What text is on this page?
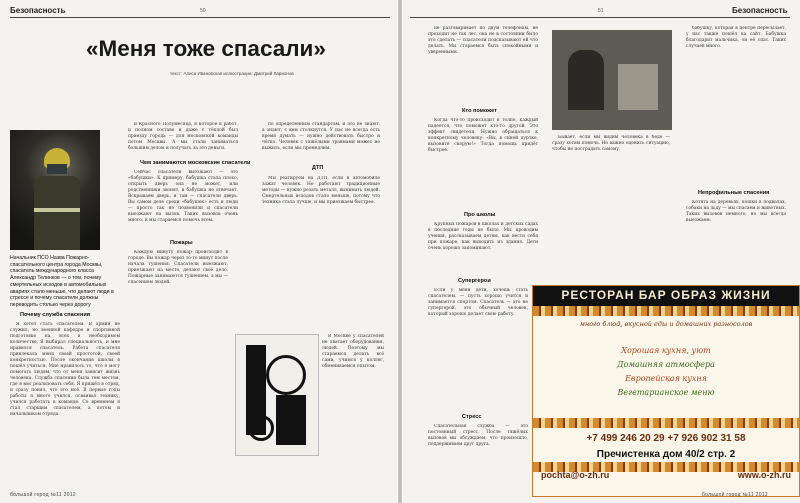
Безопасность	50
«Меня тоже спасали»
текст: Алиса Ивановская иллюстрации: Дмитрий Ларионов
Начальник ПСО Назва Пожарно-спасательного центра города Москвы, спасатель международного класса Александр Телинков — о том, почему смертельных исходов в автомобильных авариях стало меньше, что делают люди в стрессе и почему спасатели должны переводить столько через дорогу
Почему служба спасения

Я хотел стать спасателем. В армии не служил, но военной кафедре и спортивной подготовке на всех в необходимом количестве. Я выбирал специальность, и мне нравился спасатель. Работа спасателя привлекала меня своей простотой, своей конкретностью. После окончания школы я пошёл учиться. Мне нравилось то, что я могу помогать людям, что от меня зависит жизнь человека. Служба спасения была тем местом, где я мог реализовать себя. Я пришёл в отряд, и сразу понял, что это моё. В первые годы работы я много учился, осваивал технику, учился работать в команде. Со временем я стал старшим спасателем, а потом и начальником отряда.

и Красного Полумесяца, я которое в работ, и полном составе и даже с тёплой был приезду города — для московской команды потом Москвы. А мы стали заниматься большим делом и получать за это деньги.

Чем занимаются московские спасатели

Сейчас спасатели выезжают — это «бабушки». К примеру, бабушка стала плохо, открыть дверь она не может, или родственники звонят, и бабушка не отвечает. Вскрываем дверь, и там — спасатели дверь. Вы самом деле среди «бабушек» есть и люди — просто так не позвонили и спасатели выезжают на вызов. Таких вызовов очень много, и мы стараемся помочь всем.

Пожары

Каждую минуту пожар происходит в городе. Вы пожар через то-то минут после начала тушения. Спасатели выезжают, приезжают на место, делают своё дело. Пожарные занимаются тушением, а мы — спасением людей.

по определённым стандартам, и это не знают, а знают, с кем столкнутся. У нас не всегда есть время думать — нужно действовать быстро и чётко. Человек с тяжёлыми травмами может не выжить, если мы промедлим.

ДТП

Мы реагируем на ДТП, если в автомобиле зажат человек. Не работают традиционные методы — нужно резать металл, вынимать людей. Смертельных исходов стало меньше, потому что техника стала лучше, и мы приезжаем быстрее.

В Москве у спасателей не хватает оборудования, людей. Поэтому мы стараемся делать всё сами, учимся у коллег, обмениваемся опытом.

большой город №11 2012
51	Безопасность

не разговаривает по двум телефонам, не проходит не так лес, она не в состоянии было это сделать — спасатели подсказывают ей что делать. Мы стараемся быть спокойными и уверенными.

Кто поможет

Когда что-то происходит в толпе, каждый надеется, что поможет кто-то другой. Это эффект свидетеля. Нужно обращаться к конкретному человеку: «Вы, в синей куртке, вызовите скорую!» Тогда помощь придёт быстрее.

Про школы

Крупных пожаров в школах и детских садах в последние годы не было. Мы проводим учения, рассказываем детям, как вести себя при пожаре, как выходить из здания. Дети очень хорошо запоминают.

Супергерои

Если у меня дети, хочешь стать спасателем, — пусть хорошо учится и занимается спортом. Спасатель — это не супергерой, это обычный человек, который хорошо делает свою работу.

Стресс

Спасательная служба — это постоянный стресс. После тяжёлых вызовов мы обсуждаем, что произошло, поддерживаем друг друга.

Бывает, если мы видим человека в беде — сразу хотим помочь. Но важно оценить ситуацию, чтобы не пострадать самому.

бабушку, которая в центре пересылает, у нас также пошёл на сайт. Бабушка благодарит мальчика, он её спас. Таких случаев много.

Непрофильные спасения

Котята на деревьях, кошки в подвалах, собаки на льду — мы спасаем и животных. Таких вызовов немного, но мы всегда выезжаем.

РЕСТОРАН БАР ОБРАЗ ЖИЗНИ
много блюд, вкусной еды и домашних разносолов
Хорошая кухня, уют
Домашняя атмосфера
Европейская кухня
Вегетарианское меню
+7 499 246 20 29 +7 926 902 31 58
Пречистенка дом 40/2 стр. 2
pochta@o-zh.ru	www.o-zh.ru
большой город №11 2012
